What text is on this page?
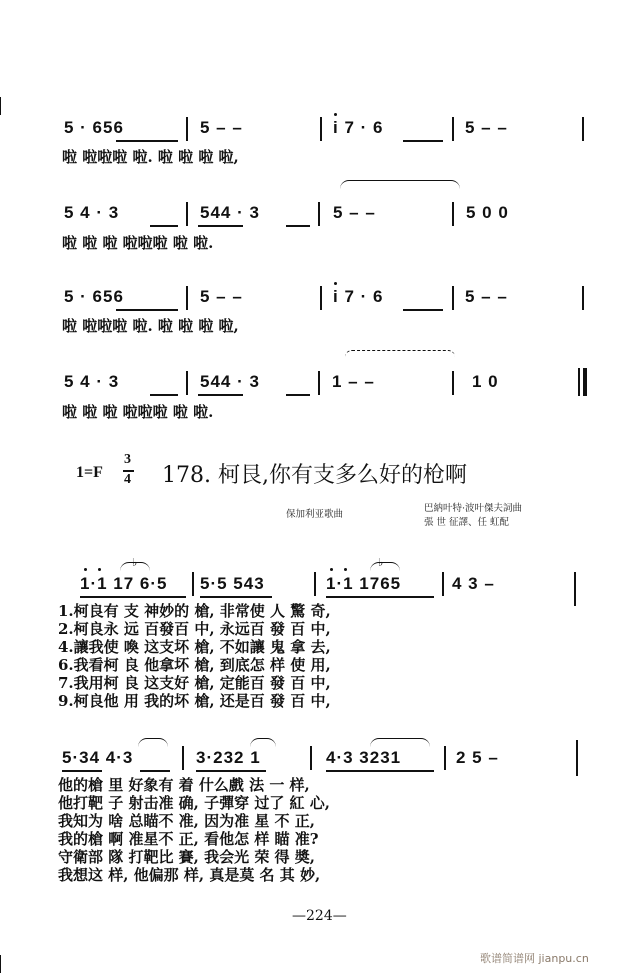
5 · 656	5 – –	i 7 · 6	5 – –
啦 啦啦啦 啦. 啦 啦 啦 啦,
5 4 · 3	544 · 3	5 – –	5 0 0
啦 啦 啦 啦啦啦 啦 啦.
5 · 656	5 – –	i 7 · 6	5 – –
啦 啦啦啦 啦. 啦 啦 啦 啦,
5 4 · 3	544 · 3	1 – –	1 0
啦 啦 啦 啦啦啦 啦 啦.
1=F
3
4 178. 柯艮,你有支多么好的枪啊
保加利亚歌曲
巴納叶特·波叶傑夫詞曲
張 世 征譯、任 虹配
♭
♭
1·1 17 6·5 5·5 543	1·1 1765	4 3 –
1.柯良有 支 神妙的 槍, 非常使 人 驚 奇,
2.柯良永 远 百發百 中, 永远百 發 百 中,
4.讓我使 喚 这支坏 槍, 不如讓 鬼 拿 去,
6.我看柯 良 他拿坏 槍, 到底怎 样 使 用,
7.我用柯 良 这支好 槍, 定能百 發 百 中,
9.柯良他 用 我的坏 槍, 还是百 發 百 中,
5·34 4·3	3·232 1	4·3 3231	2 5 –
他的槍 里 好象有 着 什么戲 法 一 样,
他打靶 子 射击准 确, 子彈穿 过了 紅 心,
我知为 啥 总瞄不 准, 因为准 星 不 正,
我的槍 啊 准星不 正, 看他怎 样 瞄 准?
守衛部 隊 打靶比 賽, 我会光 荣 得 奬,
我想这 样, 他偏那 样, 真是莫 名 其 妙,
—224—
歌谱简谱网 jianpu.cn
